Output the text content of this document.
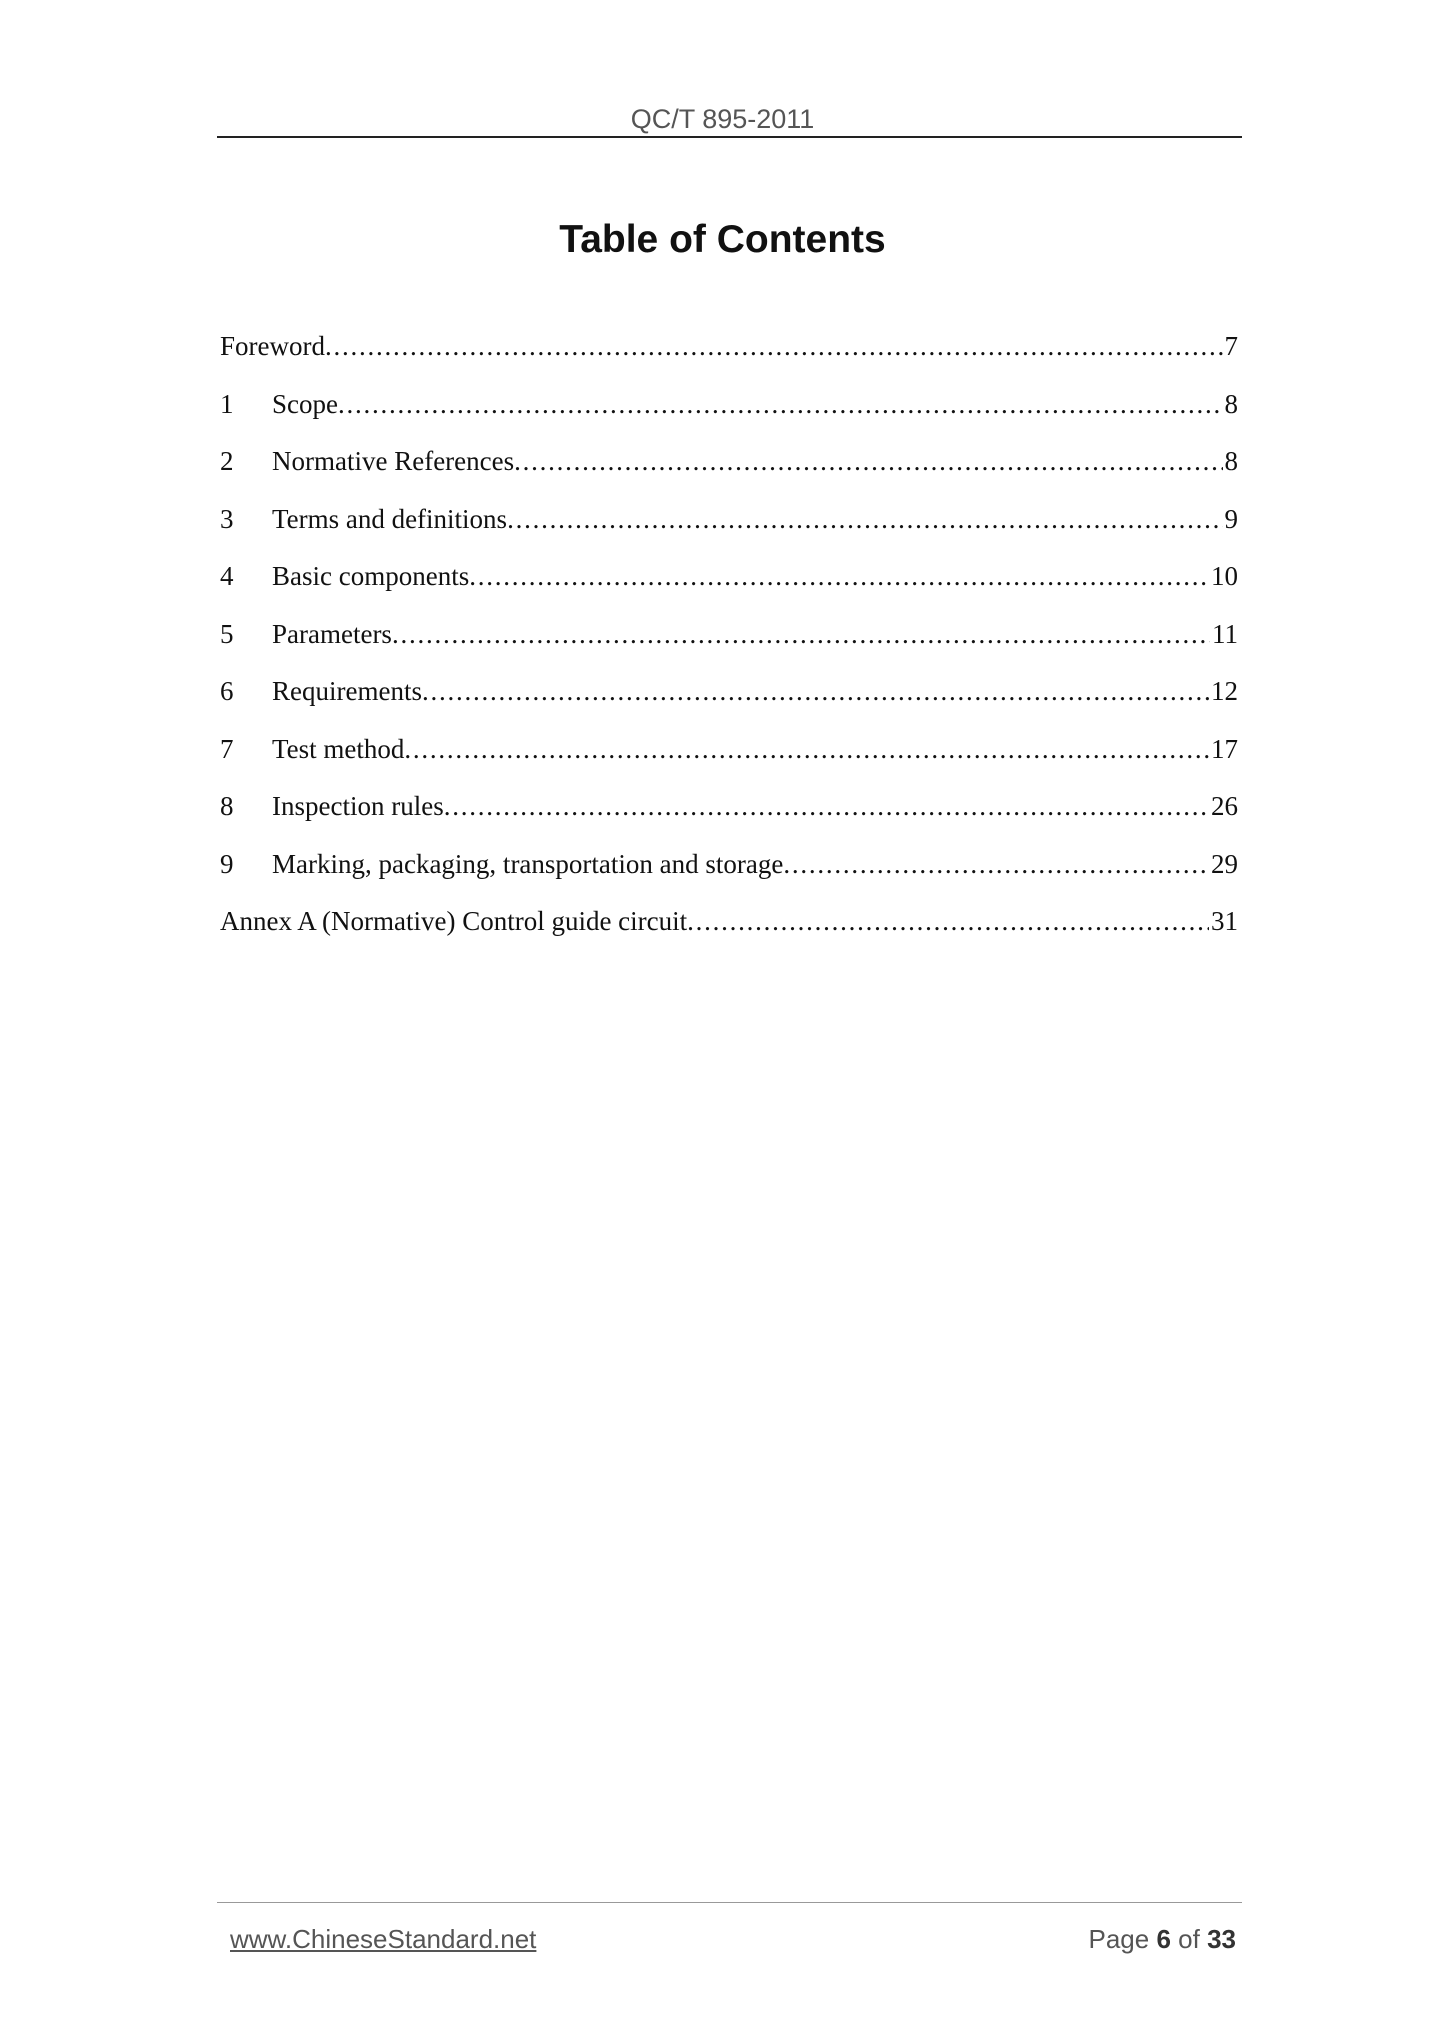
QC/T 895-2011
Table of Contents
Foreword . . .	7
1	Scope . . .	8
2	Normative References . . .	8
3	Terms and definitions . . .	9
4	Basic components . . .	10
5	Parameters . . .	11
6	Requirements . . .	12
7	Test method . . .	17
8	Inspection rules . . .	26
9	Marking, packaging, transportation and storage . . .	29
Annex A (Normative) Control guide circuit . . .	31
www.ChineseStandard.net	Page 6 of 33
